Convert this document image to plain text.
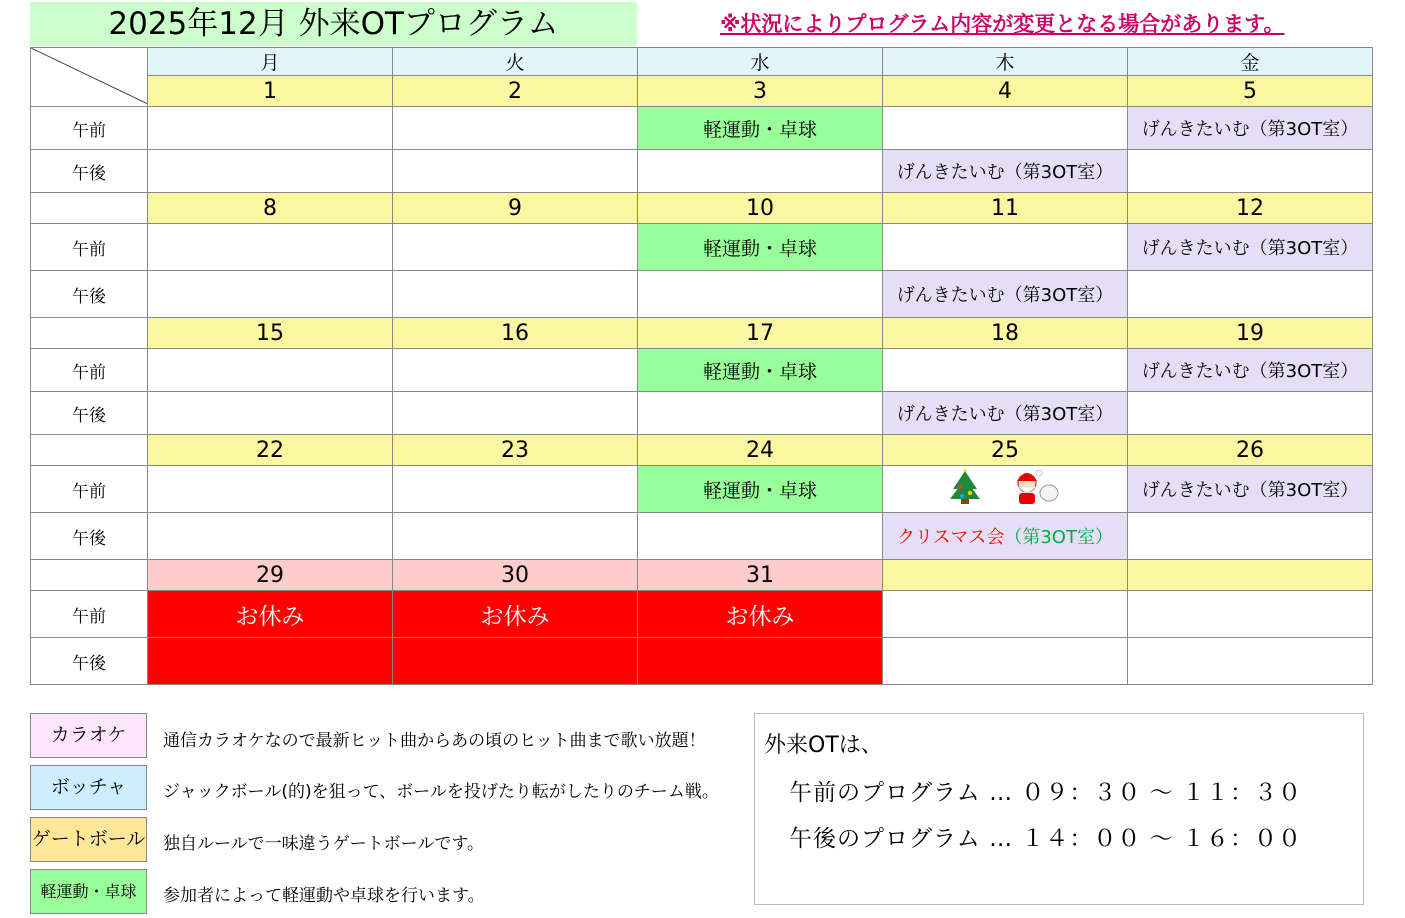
2025年12月 外来OTプログラム	※状況によりプログラム内容が変更となる場合があります。
	月	火	水	木	金
	1	2	3	4	5
午前			軽運動・卓球		げんきたいむ（第3OT室）
午後				げんきたいむ（第3OT室）	
	8	9	10	11	12
午前			軽運動・卓球		げんきたいむ（第3OT室）
午後				げんきたいむ（第3OT室）	
	15	16	17	18	19
午前			軽運動・卓球		げんきたいむ（第3OT室）
午後				げんきたいむ（第3OT室）	
	22	23	24	25	26
午前			軽運動・卓球		げんきたいむ（第3OT室）
午後				クリスマス会（第3OT室）	
	29	30	31		
午前	お休み	お休み	お休み		
午後					
カラオケ	通信カラオケなので最新ヒット曲からあの頃のヒット曲まで歌い放題！
ボッチャ	ジャックボール(的)を狙って、ボールを投げたり転がしたりのチーム戦。
ゲートボール 独自ルールで一味違うゲートボールです。
軽運動・卓球	参加者によって軽運動や卓球を行います。
外来OTは、
午前のプログラム … ０９：３０ ～ １１：３０
午後のプログラム … １４：００ ～ １６：００
